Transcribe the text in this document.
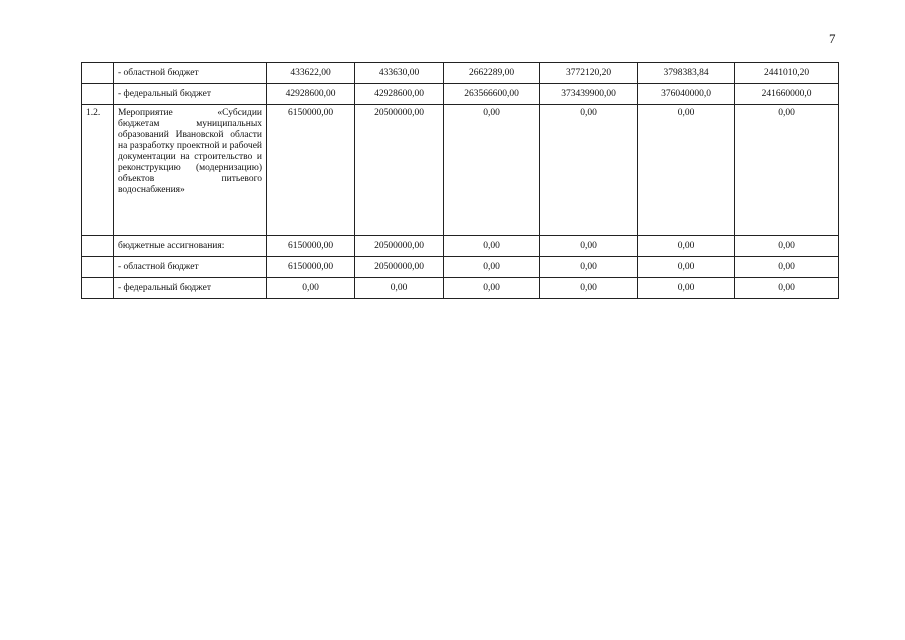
7
	- областной бюджет	433622,00	433630,00	2662289,00	3772120,20	3798383,84	2441010,20
	- федеральный бюджет	42928600,00	42928600,00	263566600,00	373439900,00	376040000,0	241660000,0
1.2.	Мероприятие «Субсидии бюджетам муниципальных образований Ивановской области на разработку проектной и рабочей документации на строительство и реконструкцию (модернизацию) объектов питьевого водоснабжения»	6150000,00	20500000,00	0,00	0,00	0,00	0,00
	бюджетные ассигнования:	6150000,00	20500000,00	0,00	0,00	0,00	0,00
	- областной бюджет	6150000,00	20500000,00	0,00	0,00	0,00	0,00
	- федеральный бюджет	0,00	0,00	0,00	0,00	0,00	0,00
